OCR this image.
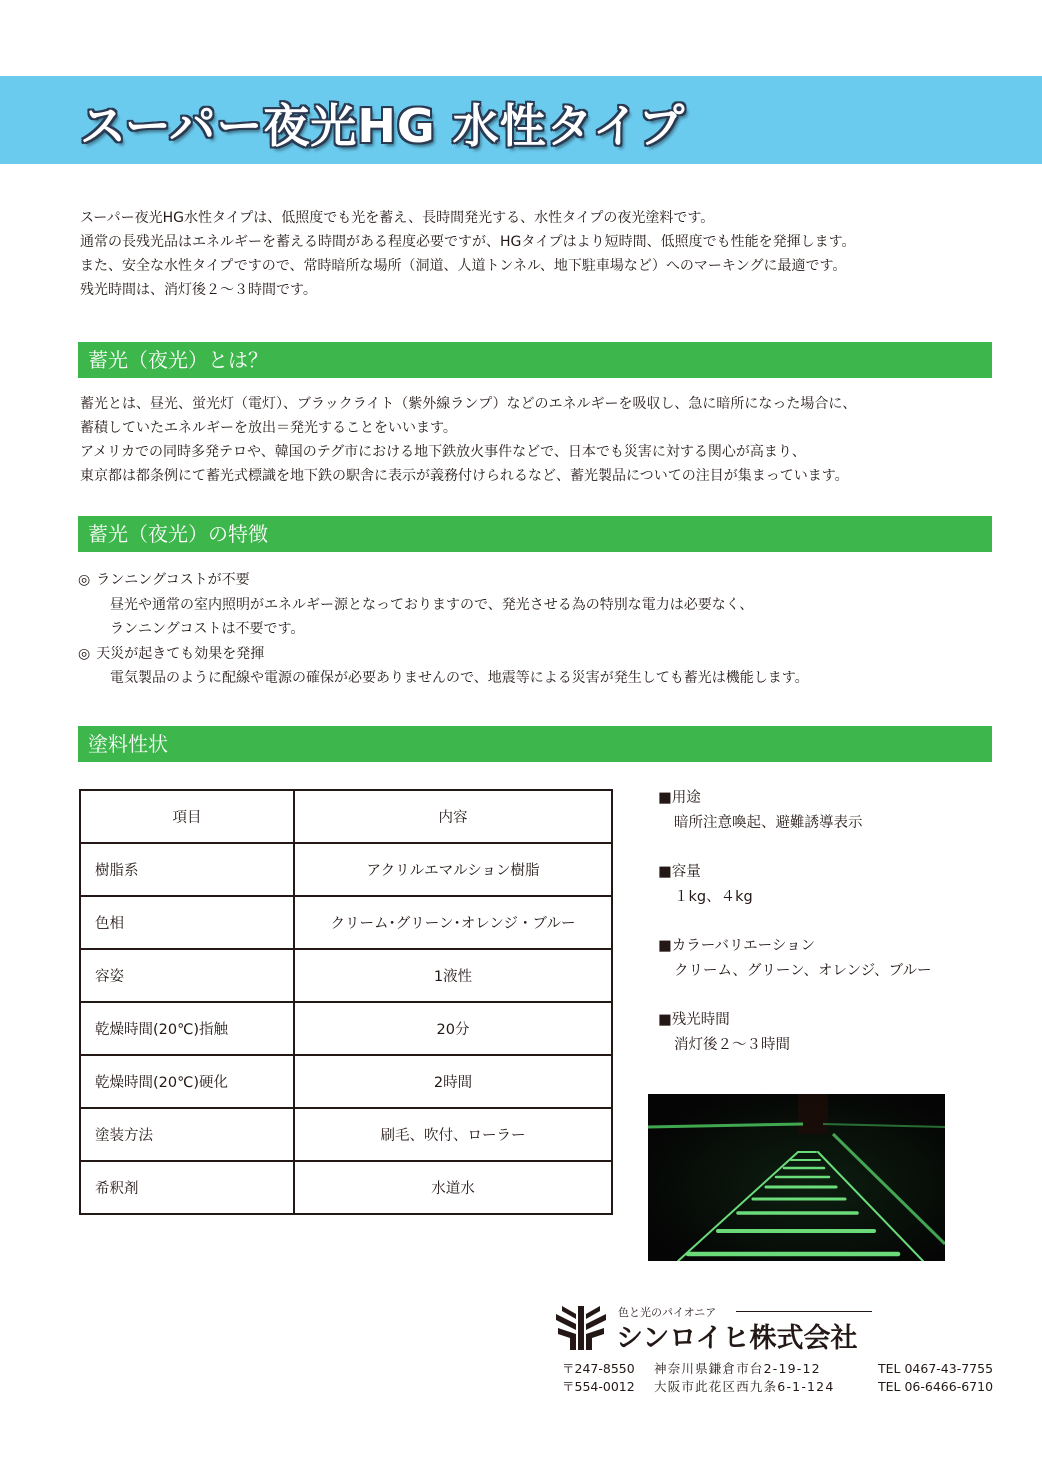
スーパー夜光HG 水性タイプ
スーパー夜光HG水性タイプは、低照度でも光を蓄え、長時間発光する、水性タイプの夜光塗料です。
通常の長残光品はエネルギーを蓄える時間がある程度必要ですが、HGタイプはより短時間、低照度でも性能を発揮します。
また、安全な水性タイプですので、常時暗所な場所（洞道、人道トンネル、地下駐車場など）へのマーキングに最適です。
残光時間は、消灯後２～３時間です。
蓄光（夜光）とは？
蓄光とは、昼光、蛍光灯（電灯）、ブラックライト（紫外線ランプ）などのエネルギーを吸収し、急に暗所になった場合に、
蓄積していたエネルギーを放出＝発光することをいいます。
アメリカでの同時多発テロや、韓国のテグ市における地下鉄放火事件などで、日本でも災害に対する関心が高まり、
東京都は都条例にて蓄光式標識を地下鉄の駅舎に表示が義務付けられるなど、蓄光製品についての注目が集まっています。
蓄光（夜光）の特徴
◎ ランニングコストが不要
昼光や通常の室内照明がエネルギー源となっておりますので、発光させる為の特別な電力は必要なく、
ランニングコストは不要です。
◎ 天災が起きても効果を発揮
電気製品のように配線や電源の確保が必要ありませんので、地震等による災害が発生しても蓄光は機能します。
塗料性状
項目	内容
樹脂系	アクリルエマルション樹脂
色相	クリーム･グリーン･オレンジ・ブルー
容姿	1液性
乾燥時間(20℃)指触	20分
乾燥時間(20℃)硬化	2時間
塗装方法	刷毛、吹付、ローラー
希釈剤	水道水
■用途
暗所注意喚起、避難誘導表示
■容量
１kg、４kg
■カラーバリエーション
クリーム、グリーン、オレンジ、ブルー
■残光時間
消灯後２～３時間
色と光のパイオニア
シンロイヒ株式会社
〒247-8550 神奈川県鎌倉市台2-19-12	TEL 0467-43-7755
〒554-0012 大阪市此花区西九条6-1-124	TEL 06-6466-6710
